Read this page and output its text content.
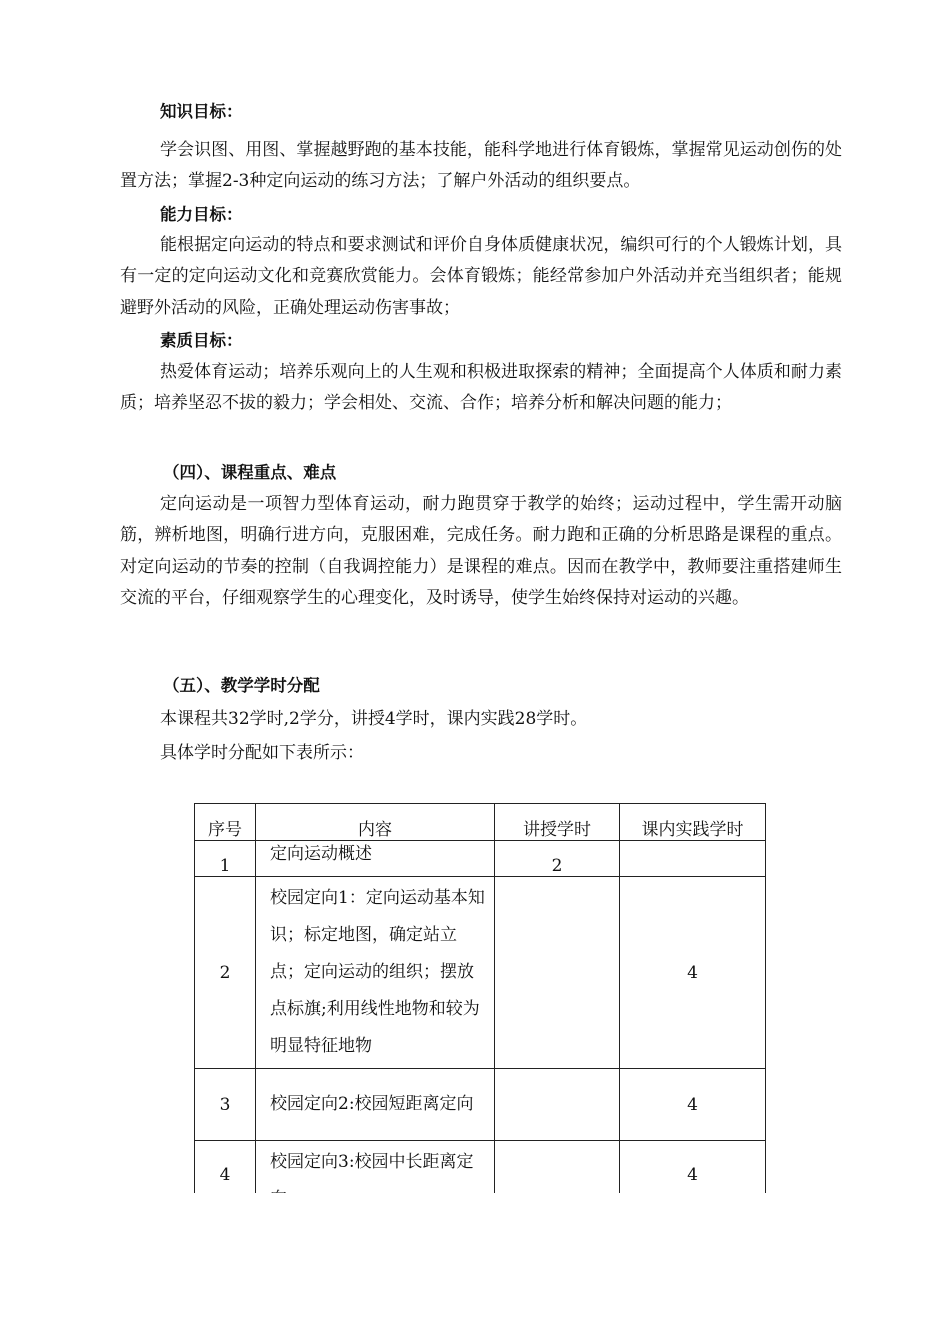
知识目标：

学会识图、用图、掌握越野跑的基本技能，能科学地进行体育锻炼，掌握常见运动创伤的处置方法；掌握2-3种定向运动的练习方法；了解户外活动的组织要点。

能力目标：

能根据定向运动的特点和要求测试和评价自身体质健康状况，编织可行的个人锻炼计划，具有一定的定向运动文化和竞赛欣赏能力。会体育锻炼；能经常参加户外活动并充当组织者；能规避野外活动的风险，正确处理运动伤害事故；

素质目标：

热爱体育运动；培养乐观向上的人生观和积极进取探索的精神；全面提高个人体质和耐力素质；培养坚忍不拔的毅力；学会相处、交流、合作；培养分析和解决问题的能力；

（四）、课程重点、难点

定向运动是一项智力型体育运动，耐力跑贯穿于教学的始终；运动过程中，学生需开动脑筋，辨析地图，明确行进方向，克服困难，完成任务。耐力跑和正确的分析思路是课程的重点。对定向运动的节奏的控制（自我调控能力）是课程的难点。因而在教学中，教师要注重搭建师生交流的平台，仔细观察学生的心理变化，及时诱导，使学生始终保持对运动的兴趣。

（五）、教学学时分配

本课程共32学时,2学分，讲授4学时，课内实践28学时。

具体学时分配如下表所示：

序号	内容	讲授学时	课内实践学时
1	定向运动概述	2	
2	校园定向1：定向运动基本知识；标定地图，确定站立点；定向运动的组织；摆放点标旗;利用线性地物和较为明显特征地物		4
3	校园定向2:校园短距离定向		4
4	校园定向3:校园中长距离定		4
